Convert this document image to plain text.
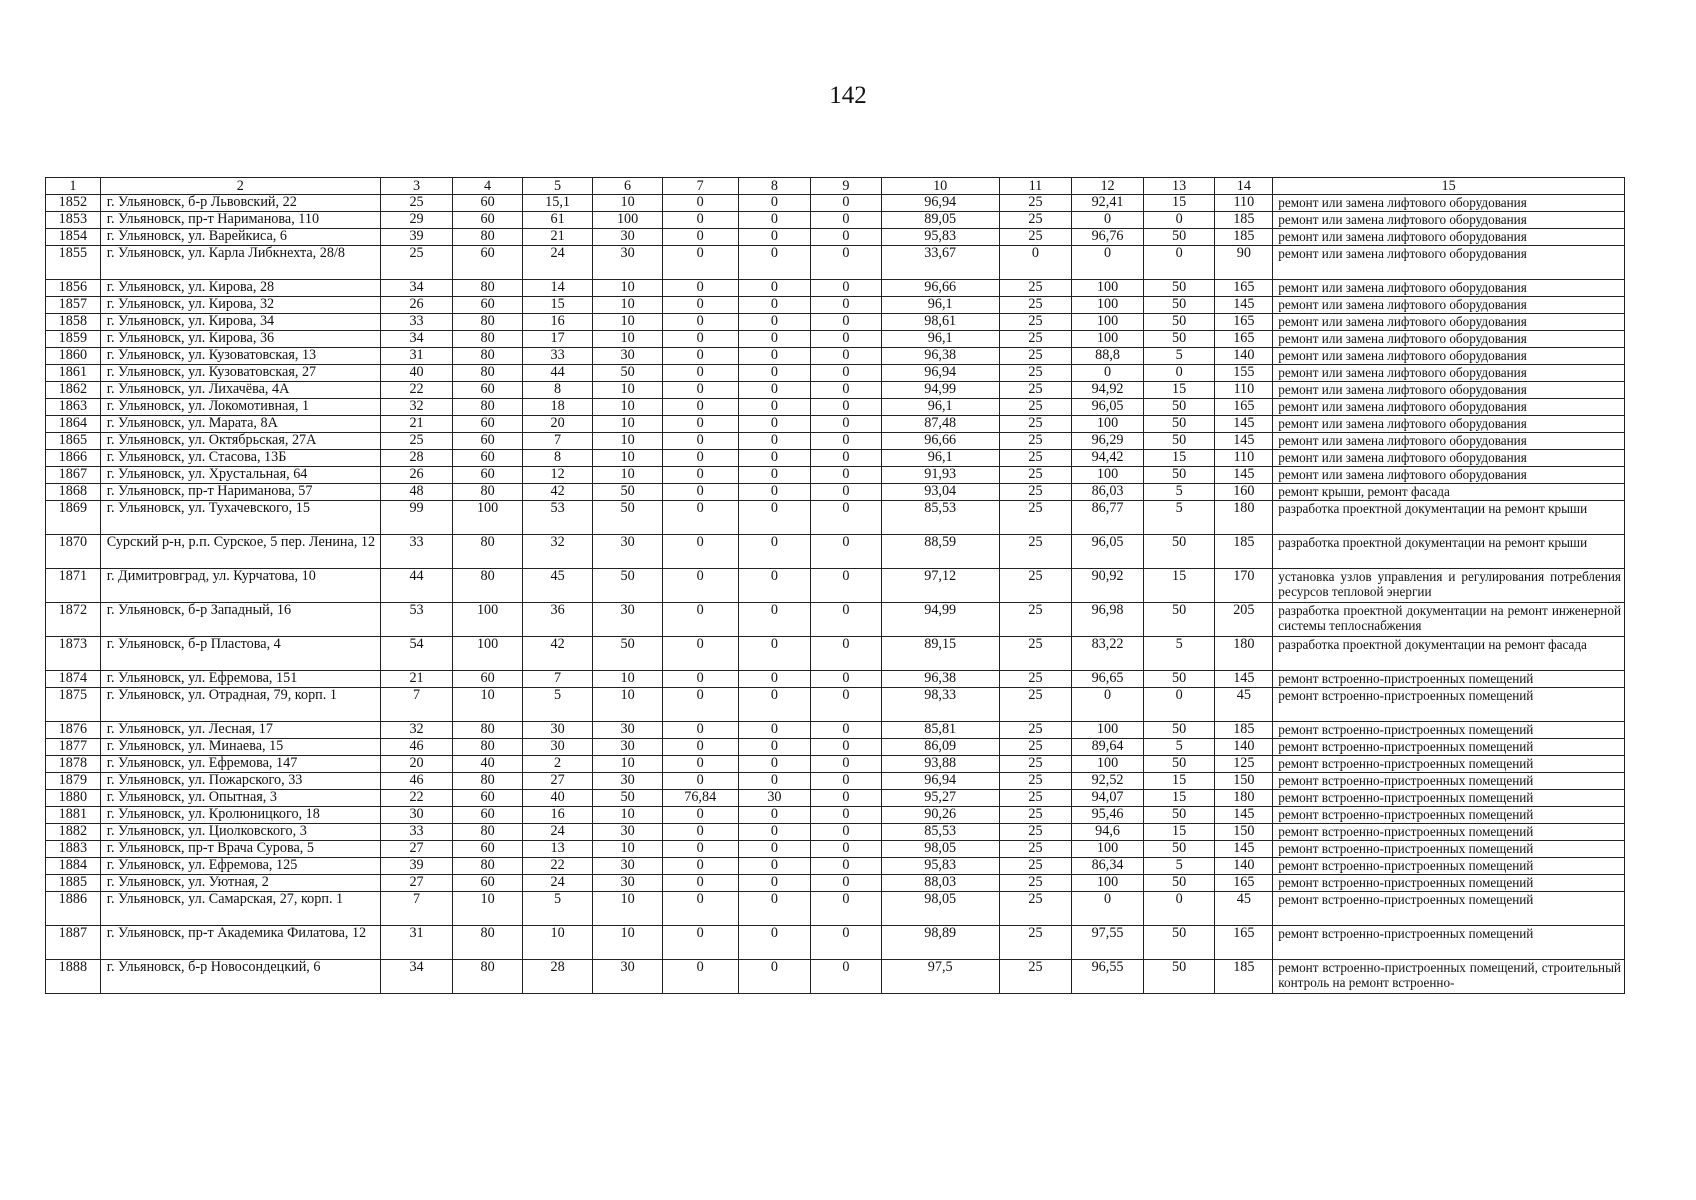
142
1	2	3	4	5	6	7	8	9	10	11	12	13	14	15
1852	г. Ульяновск, б-р Львовский, 22	25	60	15,1	10	0	0	0	96,94	25	92,41	15	110	ремонт или замена лифтового оборудования
1853	г. Ульяновск, пр-т Нариманова, 110	29	60	61	100	0	0	0	89,05	25	0	0	185	ремонт или замена лифтового оборудования
1854	г. Ульяновск, ул. Варейкиса, 6	39	80	21	30	0	0	0	95,83	25	96,76	50	185	ремонт или замена лифтового оборудования
1855	г. Ульяновск, ул. Карла Либкнехта, 28/8	25	60	24	30	0	0	0	33,67	0	0	0	90	ремонт или замена лифтового оборудования
1856	г. Ульяновск, ул. Кирова, 28	34	80	14	10	0	0	0	96,66	25	100	50	165	ремонт или замена лифтового оборудования
1857	г. Ульяновск, ул. Кирова, 32	26	60	15	10	0	0	0	96,1	25	100	50	145	ремонт или замена лифтового оборудования
1858	г. Ульяновск, ул. Кирова, 34	33	80	16	10	0	0	0	98,61	25	100	50	165	ремонт или замена лифтового оборудования
1859	г. Ульяновск, ул. Кирова, 36	34	80	17	10	0	0	0	96,1	25	100	50	165	ремонт или замена лифтового оборудования
1860	г. Ульяновск, ул. Кузоватовская, 13	31	80	33	30	0	0	0	96,38	25	88,8	5	140	ремонт или замена лифтового оборудования
1861	г. Ульяновск, ул. Кузоватовская, 27	40	80	44	50	0	0	0	96,94	25	0	0	155	ремонт или замена лифтового оборудования
1862	г. Ульяновск, ул. Лихачёва, 4А	22	60	8	10	0	0	0	94,99	25	94,92	15	110	ремонт или замена лифтового оборудования
1863	г. Ульяновск, ул. Локомотивная, 1	32	80	18	10	0	0	0	96,1	25	96,05	50	165	ремонт или замена лифтового оборудования
1864	г. Ульяновск, ул. Марата, 8А	21	60	20	10	0	0	0	87,48	25	100	50	145	ремонт или замена лифтового оборудования
1865	г. Ульяновск, ул. Октябрьская, 27А	25	60	7	10	0	0	0	96,66	25	96,29	50	145	ремонт или замена лифтового оборудования
1866	г. Ульяновск, ул. Стасова, 13Б	28	60	8	10	0	0	0	96,1	25	94,42	15	110	ремонт или замена лифтового оборудования
1867	г. Ульяновск, ул. Хрустальная, 64	26	60	12	10	0	0	0	91,93	25	100	50	145	ремонт или замена лифтового оборудования
1868	г. Ульяновск, пр-т Нариманова, 57	48	80	42	50	0	0	0	93,04	25	86,03	5	160	ремонт крыши, ремонт фасада
1869	г. Ульяновск, ул. Тухачевского, 15	99	100	53	50	0	0	0	85,53	25	86,77	5	180	разработка проектной документации на ремонт крыши
1870	Сурский р-н, р.п. Сурское, 5 пер. Ленина, 12	33	80	32	30	0	0	0	88,59	25	96,05	50	185	разработка проектной документации на ремонт крыши
1871	г. Димитровград, ул. Курчатова, 10	44	80	45	50	0	0	0	97,12	25	90,92	15	170	установка узлов управления и регулирования потребления ресурсов тепловой энергии
1872	г. Ульяновск, б-р Западный, 16	53	100	36	30	0	0	0	94,99	25	96,98	50	205	разработка проектной документации на ремонт инженерной системы теплоснабжения
1873	г. Ульяновск, б-р Пластова, 4	54	100	42	50	0	0	0	89,15	25	83,22	5	180	разработка проектной документации на ремонт фасада
1874	г. Ульяновск, ул. Ефремова, 151	21	60	7	10	0	0	0	96,38	25	96,65	50	145	ремонт встроенно-пристроенных помещений
1875	г. Ульяновск, ул. Отрадная, 79, корп. 1	7	10	5	10	0	0	0	98,33	25	0	0	45	ремонт встроенно-пристроенных помещений
1876	г. Ульяновск, ул. Лесная, 17	32	80	30	30	0	0	0	85,81	25	100	50	185	ремонт встроенно-пристроенных помещений
1877	г. Ульяновск, ул. Минаева, 15	46	80	30	30	0	0	0	86,09	25	89,64	5	140	ремонт встроенно-пристроенных помещений
1878	г. Ульяновск, ул. Ефремова, 147	20	40	2	10	0	0	0	93,88	25	100	50	125	ремонт встроенно-пристроенных помещений
1879	г. Ульяновск, ул. Пожарского, 33	46	80	27	30	0	0	0	96,94	25	92,52	15	150	ремонт встроенно-пристроенных помещений
1880	г. Ульяновск, ул. Опытная, 3	22	60	40	50	76,84	30	0	95,27	25	94,07	15	180	ремонт встроенно-пристроенных помещений
1881	г. Ульяновск, ул. Кролюницкого, 18	30	60	16	10	0	0	0	90,26	25	95,46	50	145	ремонт встроенно-пристроенных помещений
1882	г. Ульяновск, ул. Циолковского, 3	33	80	24	30	0	0	0	85,53	25	94,6	15	150	ремонт встроенно-пристроенных помещений
1883	г. Ульяновск, пр-т Врача Сурова, 5	27	60	13	10	0	0	0	98,05	25	100	50	145	ремонт встроенно-пристроенных помещений
1884	г. Ульяновск, ул. Ефремова, 125	39	80	22	30	0	0	0	95,83	25	86,34	5	140	ремонт встроенно-пристроенных помещений
1885	г. Ульяновск, ул. Уютная, 2	27	60	24	30	0	0	0	88,03	25	100	50	165	ремонт встроенно-пристроенных помещений
1886	г. Ульяновск, ул. Самарская, 27, корп. 1	7	10	5	10	0	0	0	98,05	25	0	0	45	ремонт встроенно-пристроенных помещений
1887	г. Ульяновск, пр-т Академика Филатова, 12	31	80	10	10	0	0	0	98,89	25	97,55	50	165	ремонт встроенно-пристроенных помещений
1888	г. Ульяновск, б-р Новосондецкий, 6	34	80	28	30	0	0	0	97,5	25	96,55	50	185	ремонт встроенно-пристроенных помещений, строительный контроль на ремонт встроенно-
